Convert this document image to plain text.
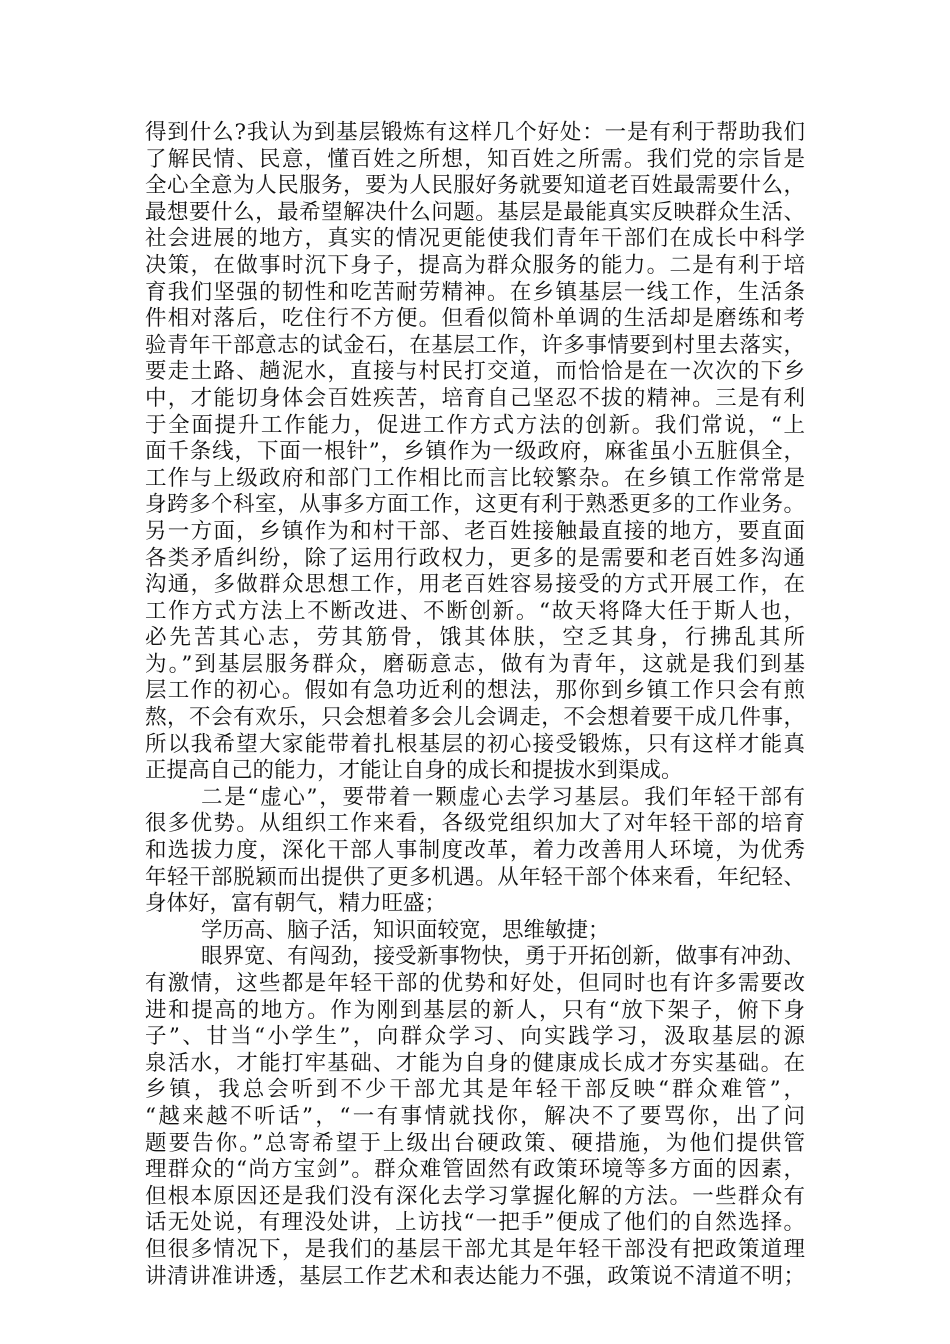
得到什么?我认为到基层锻炼有这样几个好处：一是有利于帮助我们
了解民情、民意，懂百姓之所想，知百姓之所需。我们党的宗旨是
全心全意为人民服务，要为人民服好务就要知道老百姓最需要什么，
最想要什么，最希望解决什么问题。基层是最能真实反映群众生活、
社会进展的地方，真实的情况更能使我们青年干部们在成长中科学
决策，在做事时沉下身子，提高为群众服务的能力。二是有利于培
育我们坚强的韧性和吃苦耐劳精神。在乡镇基层一线工作，生活条
件相对落后，吃住行不方便。但看似简朴单调的生活却是磨练和考
验青年干部意志的试金石，在基层工作，许多事情要到村里去落实，
要走土路、趟泥水，直接与村民打交道，而恰恰是在一次次的下乡
中，才能切身体会百姓疾苦，培育自己坚忍不拔的精神。三是有利
于全面提升工作能力，促进工作方式方法的创新。我们常说，“上
面千条线，下面一根针”，乡镇作为一级政府，麻雀虽小五脏俱全，
工作与上级政府和部门工作相比而言比较繁杂。在乡镇工作常常是
身跨多个科室，从事多方面工作，这更有利于熟悉更多的工作业务。
另一方面，乡镇作为和村干部、老百姓接触最直接的地方，要直面
各类矛盾纠纷，除了运用行政权力，更多的是需要和老百姓多沟通
沟通，多做群众思想工作，用老百姓容易接受的方式开展工作，在
工作方式方法上不断改进、不断创新。“故天将降大任于斯人也，
必先苦其心志，劳其筋骨，饿其体肤，空乏其身，行拂乱其所
为。”到基层服务群众，磨砺意志，做有为青年，这就是我们到基
层工作的初心。假如有急功近利的想法，那你到乡镇工作只会有煎
熬，不会有欢乐，只会想着多会儿会调走，不会想着要干成几件事，
所以我希望大家能带着扎根基层的初心接受锻炼，只有这样才能真
正提高自己的能力，才能让自身的成长和提拔水到渠成。
二是“虚心”，要带着一颗虚心去学习基层。我们年轻干部有
很多优势。从组织工作来看，各级党组织加大了对年轻干部的培育
和选拔力度，深化干部人事制度改革，着力改善用人环境，为优秀
年轻干部脱颖而出提供了更多机遇。从年轻干部个体来看，年纪轻、
身体好，富有朝气，精力旺盛；
学历高、脑子活，知识面较宽，思维敏捷；
眼界宽、有闯劲，接受新事物快，勇于开拓创新，做事有冲劲、
有激情，这些都是年轻干部的优势和好处，但同时也有许多需要改
进和提高的地方。作为刚到基层的新人，只有“放下架子，俯下身
子”、甘当“小学生”，向群众学习、向实践学习，汲取基层的源
泉活水，才能打牢基础、才能为自身的健康成长成才夯实基础。在
乡镇，我总会听到不少干部尤其是年轻干部反映“群众难管”，
“越来越不听话”，“一有事情就找你，解决不了要骂你，出了问
题要告你。”总寄希望于上级出台硬政策、硬措施，为他们提供管
理群众的“尚方宝剑”。群众难管固然有政策环境等多方面的因素，
但根本原因还是我们没有深化去学习掌握化解的方法。一些群众有
话无处说，有理没处讲，上访找“一把手”便成了他们的自然选择。
但很多情况下，是我们的基层干部尤其是年轻干部没有把政策道理
讲清讲准讲透，基层工作艺术和表达能力不强，政策说不清道不明；
